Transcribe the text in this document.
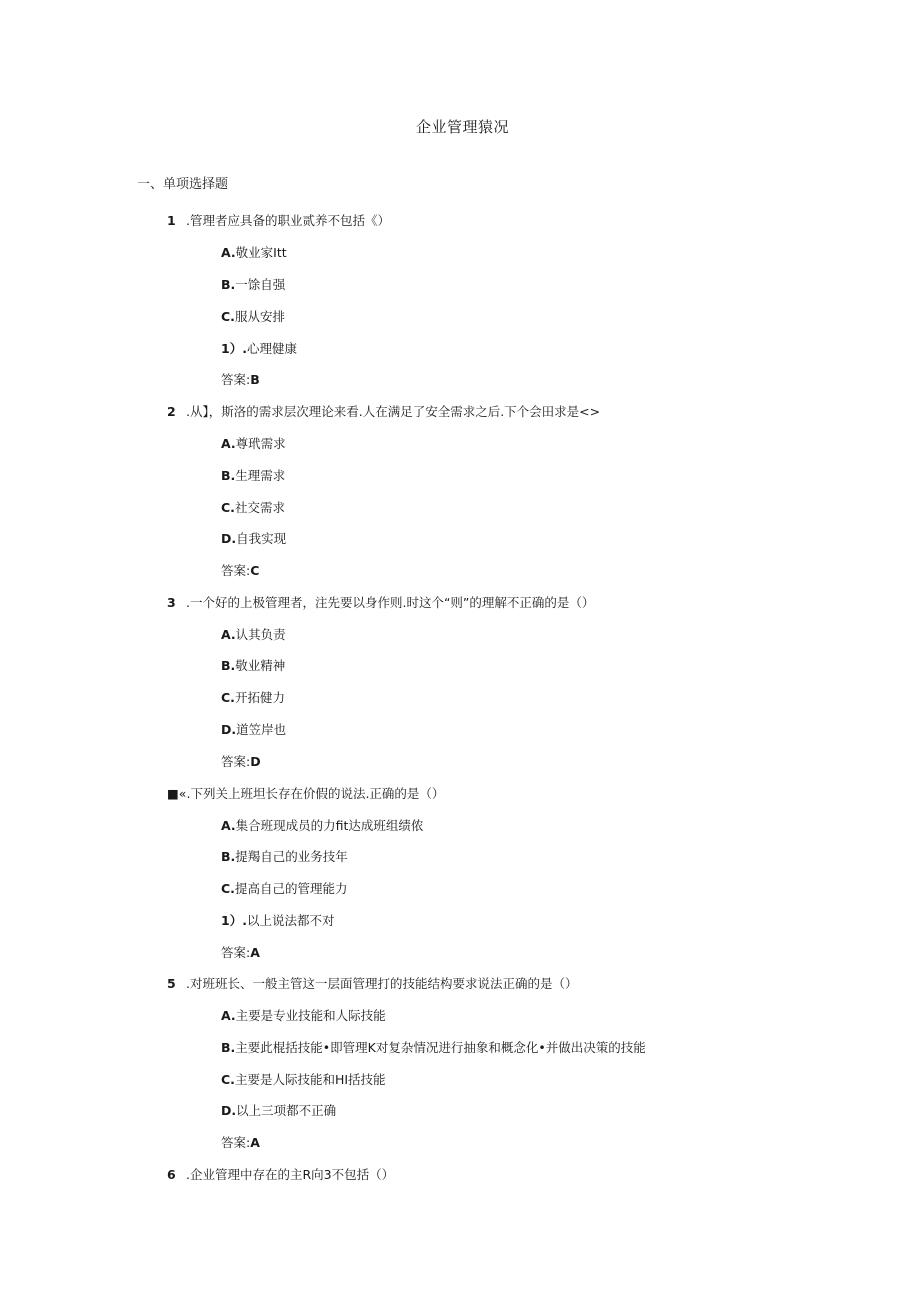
企业管理猿况
一、单项选择题
1 .管理者应具备的职业贰养不包括《）
A.敬业家Itt
B.一馀自强
C.服从安排
1）.心理健康
答案:B
2 .从】，斯洛的需求层次理论来看.人在满足了安全需求之后.下个会田求是<>
A.尊玳需求
B.生理需求
C.社交需求
D.自我实现
答案:C
3 .一个好的上极管理者，注先要以身作则.时这个“则”的理解不正确的是（）
A.认其负责
B.敬业精神
C.开拓健力
D.道笠岸也
答案:D
■«.下列关上班坦长存在价假的说法.正确的是（）
A.集合班现成员的力fit达成班组绩侬
B.提羯自己的业务技年
C.提高自己的管理能力
1）.以上说法都不对
答案:A
5 .对班班长、一般主管这一层面管理打的技能结构要求说法正确的是（）
A.主要是专业技能和人际技能
B.主要此棍括技能•即管理K对复杂情况进行抽象和概念化•并做出决策的技能
C.主要是人际技能和HI括技能
D.以上三项都不正确
答案:A
6 .企业管理中存在的主R向3不包括（）
